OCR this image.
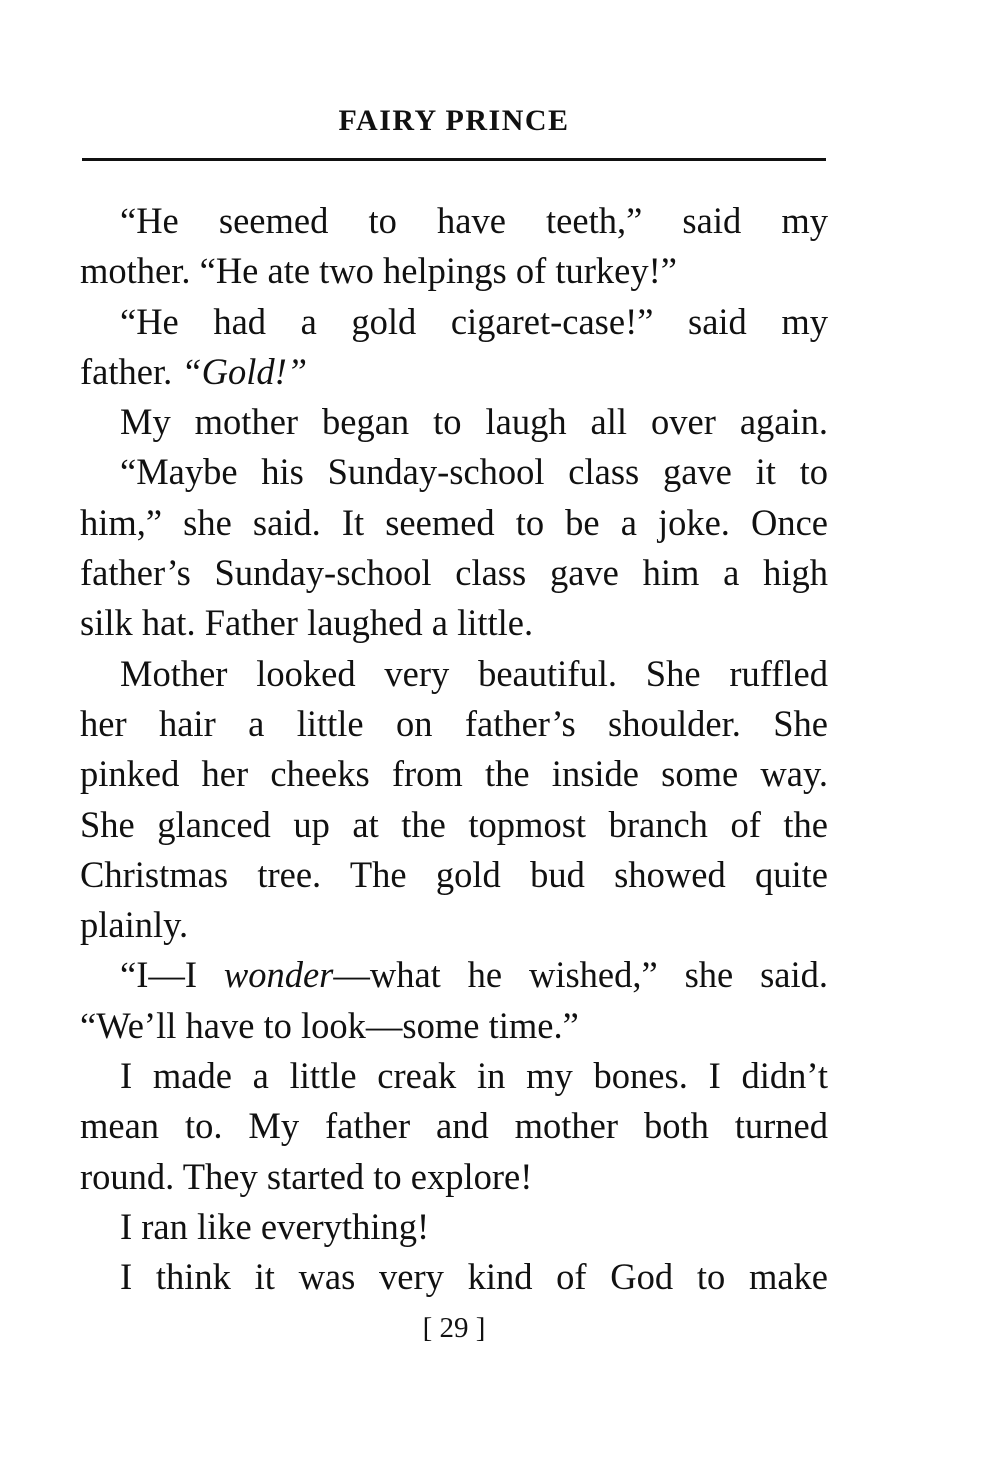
FAIRY PRINCE
“He seemed to have teeth,” said my
mother. “He ate two helpings of turkey!”
“He had a gold cigaret-case!” said my
father. “Gold!”
My mother began to laugh all over again.
“Maybe his Sunday-school class gave it to
him,” she said. It seemed to be a joke. Once
father’s Sunday-school class gave him a high
silk hat. Father laughed a little.
Mother looked very beautiful. She ruffled
her hair a little on father’s shoulder. She
pinked her cheeks from the inside some way.
She glanced up at the topmost branch of the
Christmas tree. The gold bud showed quite
plainly.
“I—I wonder—what he wished,” she said.
“We’ll have to look—some time.”
I made a little creak in my bones. I didn’t
mean to. My father and mother both turned
round. They started to explore!
I ran like everything!
I think it was very kind of God to make

[ 29 ]
